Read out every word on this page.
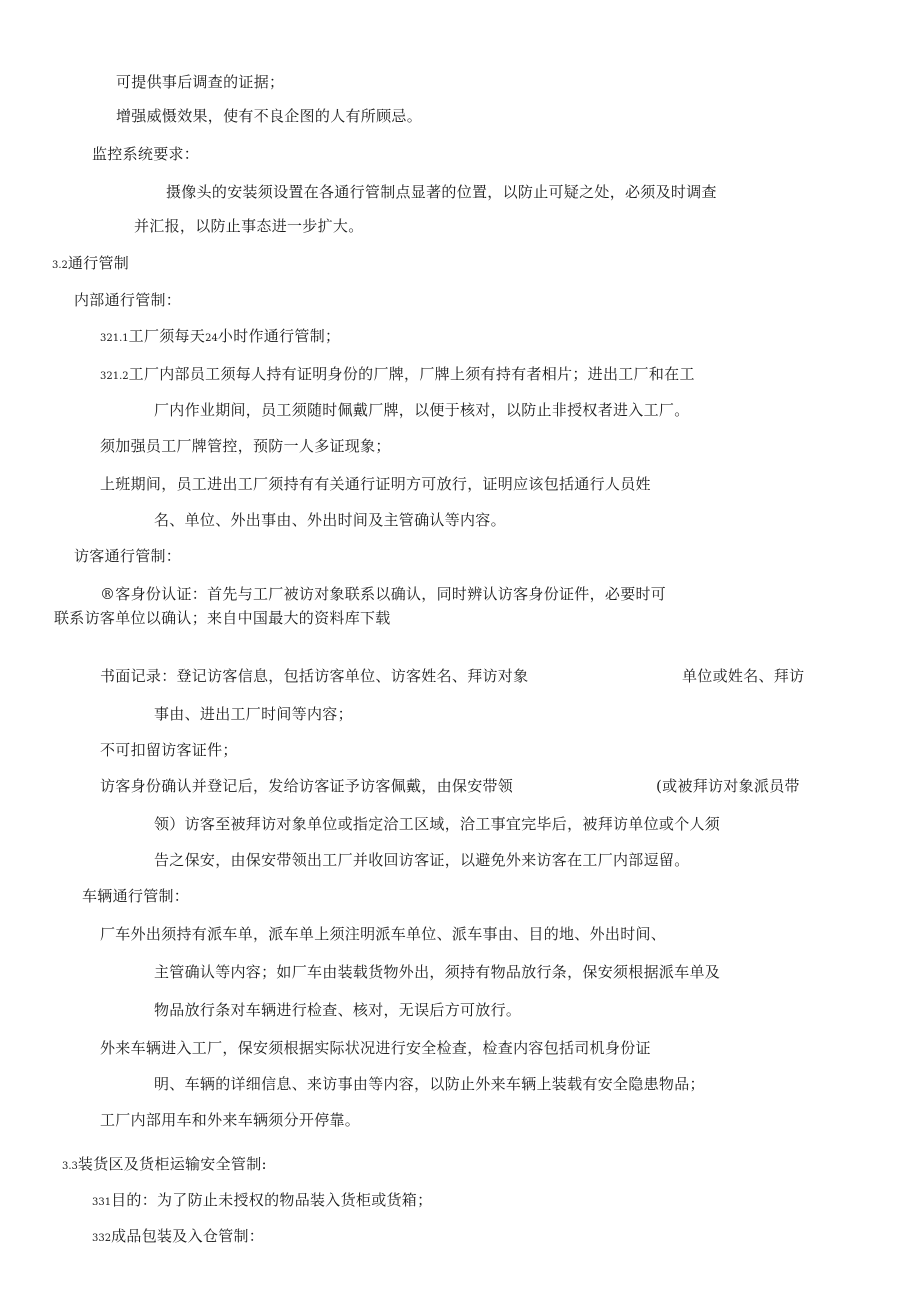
可提供事后调查的证据；
增强威慑效果，使有不良企图的人有所顾忌。
监控系统要求：
摄像头的安装须设置在各通行管制点显著的位置，以防止可疑之处，必须及时调查
并汇报，以防止事态进一步扩大。
3.2通行管制
内部通行管制：
321.1工厂须每天24小时作通行管制；
321.2工厂内部员工须每人持有证明身份的厂牌，厂牌上须有持有者相片；进出工厂和在工
厂内作业期间，员工须随时佩戴厂牌，以便于核对，以防止非授权者进入工厂。
须加强员工厂牌管控，预防一人多证现象；
上班期间，员工进出工厂须持有有关通行证明方可放行，证明应该包括通行人员姓
名、单位、外出事由、外出时间及主管确认等内容。
访客通行管制：
®客身份认证：首先与工厂被访对象联系以确认，同时辨认访客身份证件，必要时可
联系访客单位以确认；来自中国最大的资料库下载
书面记录：登记访客信息，包括访客单位、访客姓名、拜访对象	单位或姓名、拜访
事由、进出工厂时间等内容；
不可扣留访客证件；
访客身份确认并登记后，发给访客证予访客佩戴，由保安带领	(或被拜访对象派员带
领）访客至被拜访对象单位或指定洽工区域，洽工事宜完毕后，被拜访单位或个人须
告之保安，由保安带领出工厂并收回访客证，以避免外来访客在工厂内部逗留。
车辆通行管制：
厂车外出须持有派车单，派车单上须注明派车单位、派车事由、目的地、外出时间、
主管确认等内容；如厂车由装载货物外出，须持有物品放行条，保安须根据派车单及
物品放行条对车辆进行检查、核对，无误后方可放行。
外来车辆进入工厂，保安须根据实际状况进行安全检查，检查内容包括司机身份证
明、车辆的详细信息、来访事由等内容，以防止外来车辆上装载有安全隐患物品；
工厂内部用车和外来车辆须分开停靠。
3.3装货区及货柜运输安全管制:
331目的：为了防止未授权的物品装入货柜或货箱；
332成品包装及入仓管制：
